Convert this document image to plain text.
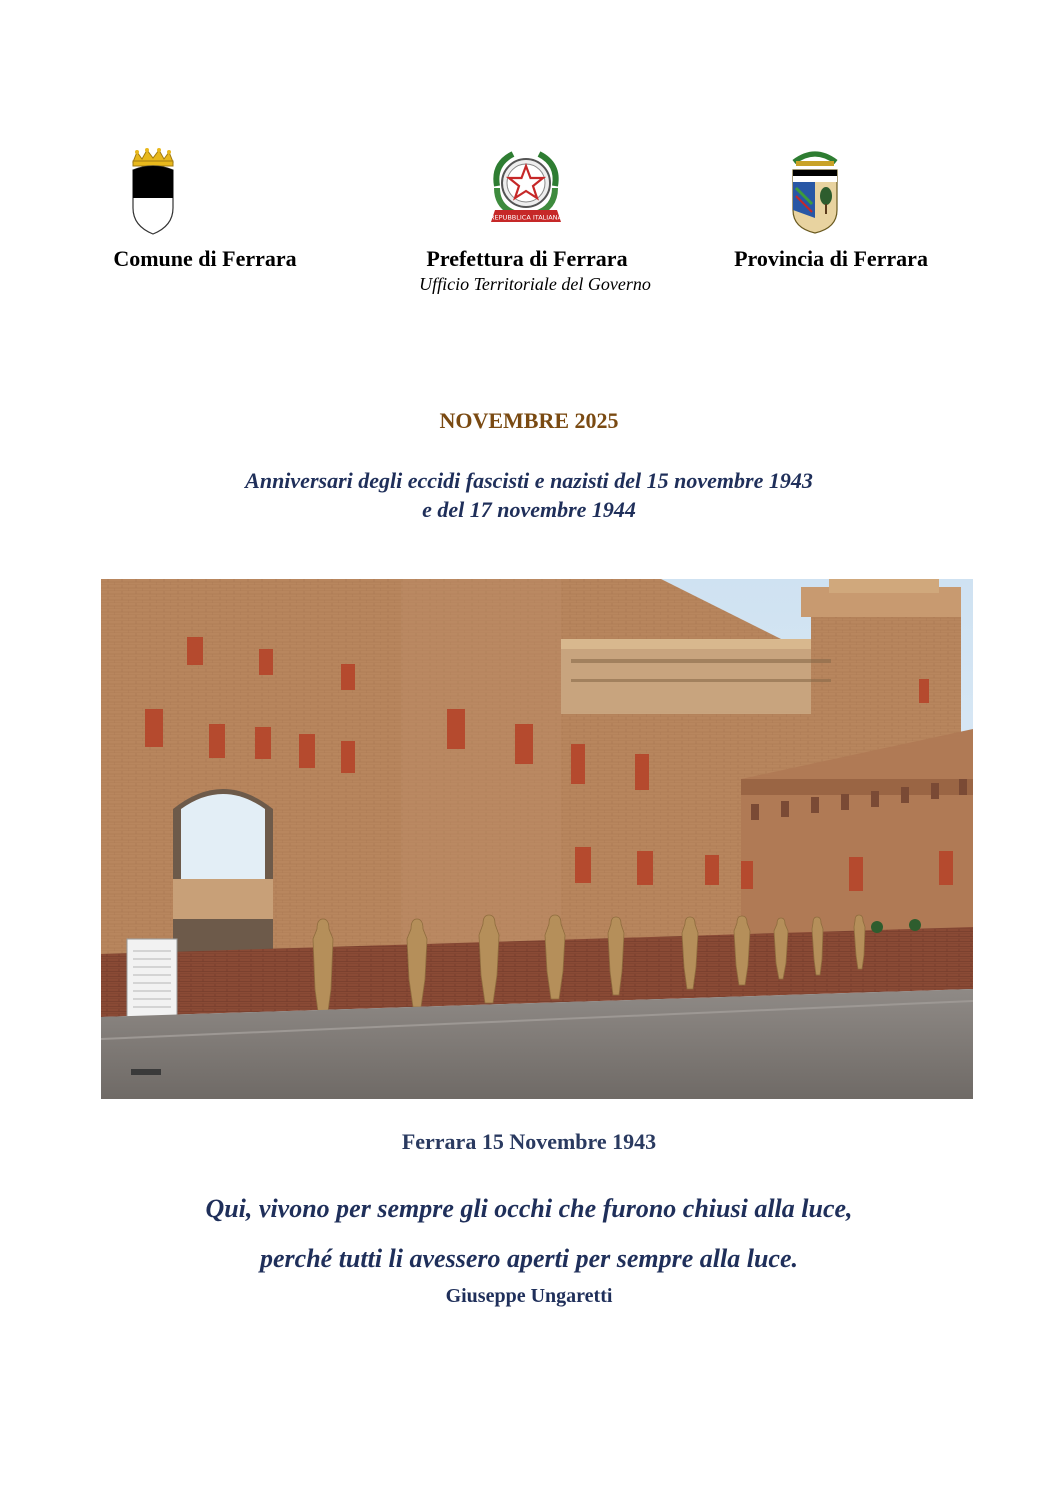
REPUBBLICA ITALIANA
Comune di Ferrara	Prefettura di Ferrara
Ufficio Territoriale del Governo
Provincia di Ferrara
NOVEMBRE 2025
Anniversari degli eccidi fascisti e nazisti del 15 novembre 1943
e del 17 novembre 1944
Ferrara 15 Novembre 1943
Qui, vivono per sempre gli occhi che furono chiusi alla luce,
perché tutti li avessero aperti per sempre alla luce.
Giuseppe Ungaretti
